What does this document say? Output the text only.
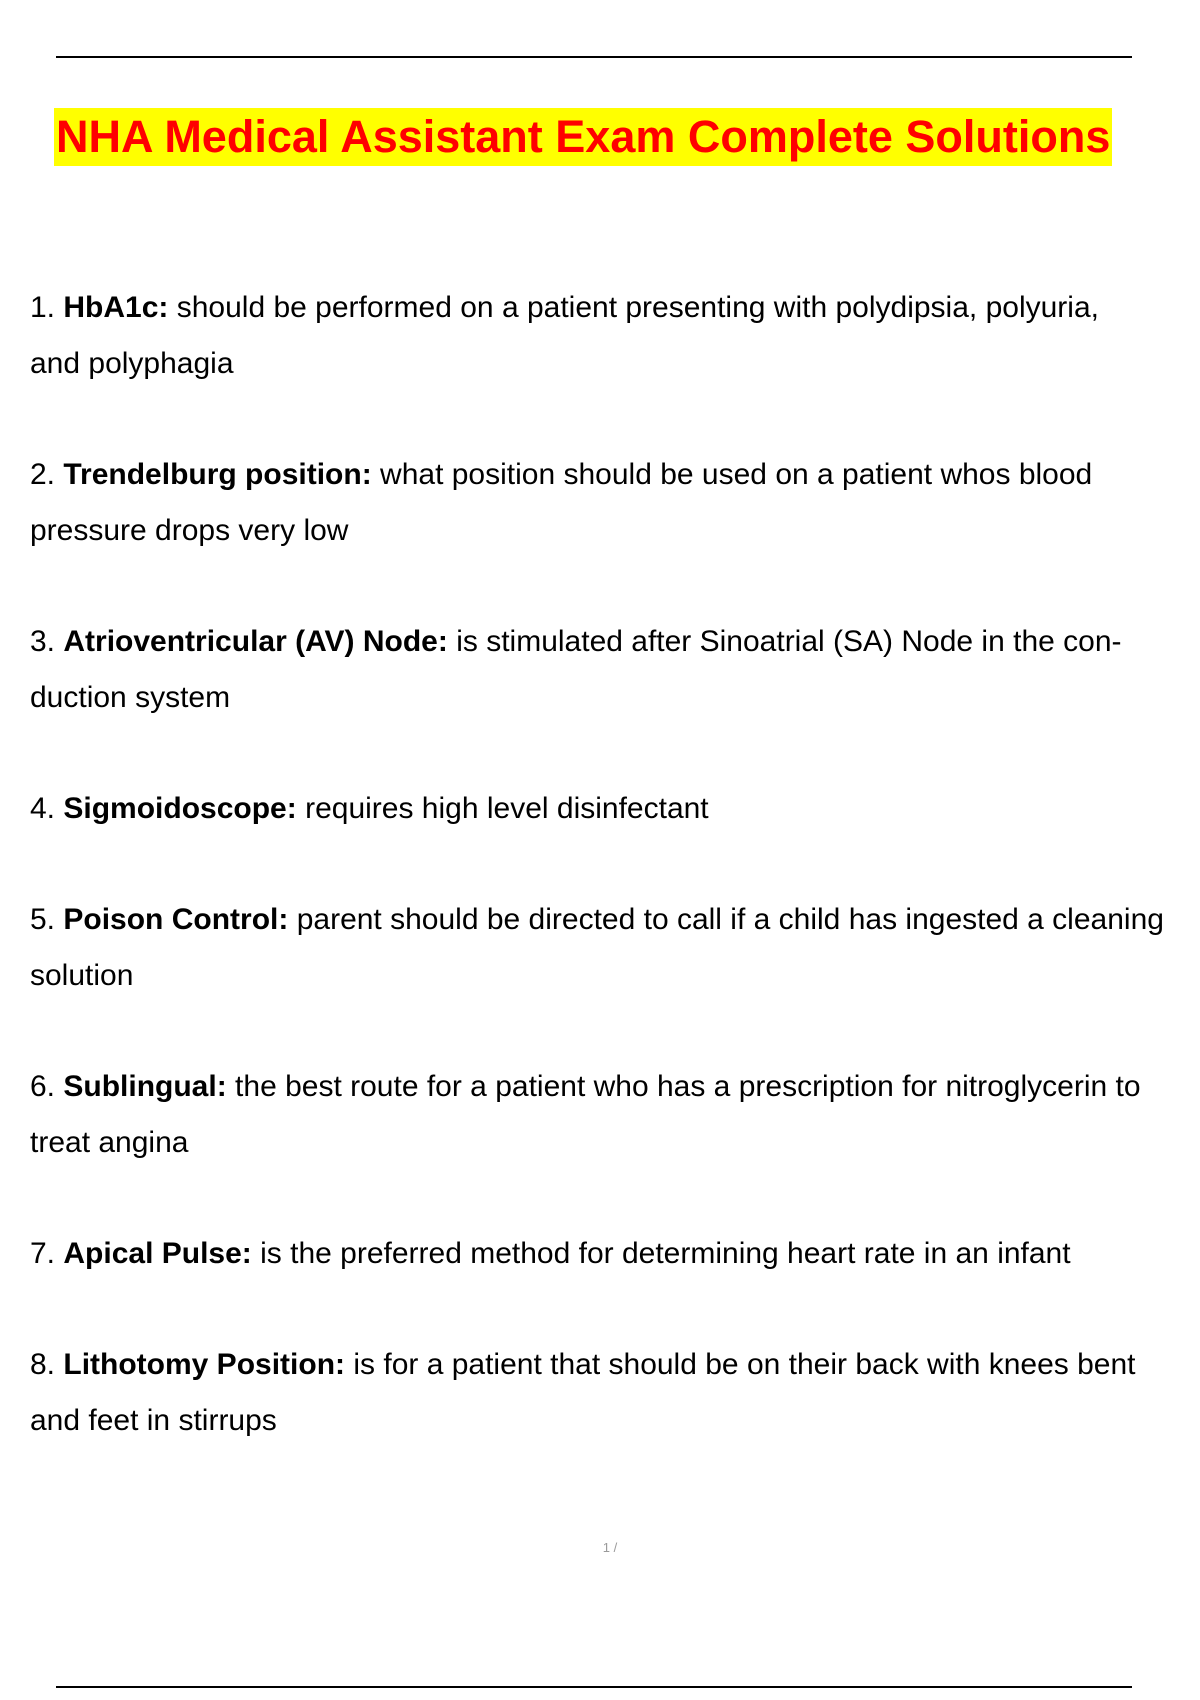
NHA Medical Assistant Exam Complete Solutions
1. HbA1c: should be performed on a patient presenting with polydipsia, polyuria,
and polyphagia
2. Trendelburg position: what position should be used on a patient whos blood
pressure drops very low
3. Atrioventricular (AV) Node: is stimulated after Sinoatrial (SA) Node in the con-
duction system
4. Sigmoidoscope: requires high level disinfectant
5. Poison Control: parent should be directed to call if a child has ingested a cleaning
solution
6. Sublingual: the best route for a patient who has a prescription for nitroglycerin to
treat angina
7. Apical Pulse: is the preferred method for determining heart rate in an infant
8. Lithotomy Position: is for a patient that should be on their back with knees bent
and feet in stirrups
1 /
